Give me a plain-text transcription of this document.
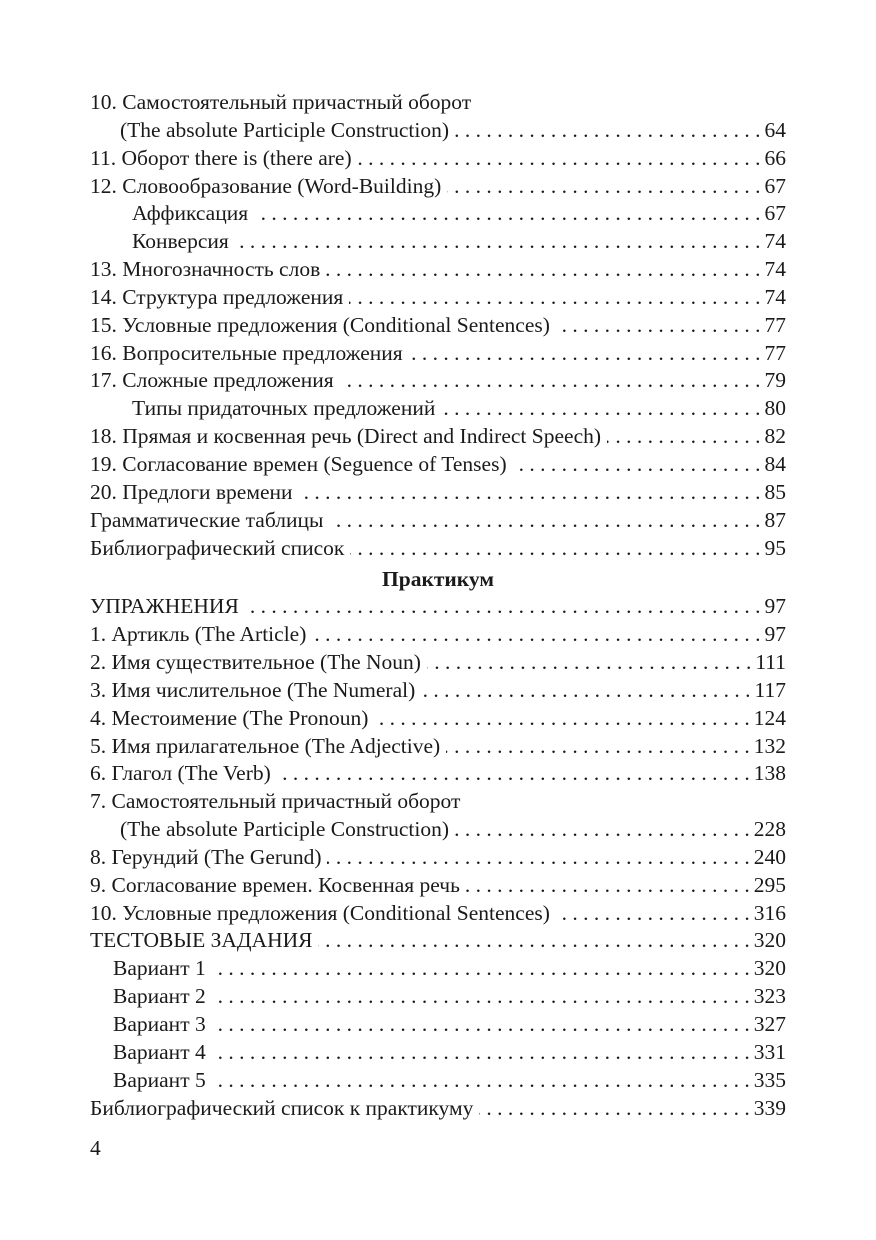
10. Самостоятельный причастный оборот
(The absolute Participle Construction) . . .	64
11. Оборот there is (there are) . . .	66
12. Словообразование (Word-Building) . . .	67
Аффиксация . . .	67
Конверсия . . .	74
13. Многозначность слов . . .	74
14. Структура предложения . . .	74
15. Условные предложения (Conditional Sentences) . . .	77
16. Вопросительные предложения . . .	77
17. Сложные предложения . . .	79
Типы придаточных предложений . . .	80
18. Прямая и косвенная речь (Direct and Indirect Speech) . . .	82
19. Согласование времен (Seguence of Tenses) . . .	84
20. Предлоги времени . . .	85
Грамматические таблицы . . .	87
Библиографический список . . .	95
Практикум
УПРАЖНЕНИЯ . . .	97
1. Артикль (The Article) . . .	97
2. Имя существительное (The Noun) . . .	111
3. Имя числительное (The Numeral) . . .	117
4. Местоимение (The Pronoun) . . .	124
5. Имя прилагательное (The Adjective) . . .	132
6. Глагол (The Verb) . . .	138
7. Самостоятельный причастный оборот
(The absolute Participle Construction) . . .	228
8. Герундий (The Gerund) . . .	240
9. Согласование времен. Косвенная речь . . .	295
10. Условные предложения (Conditional Sentences) . . .	316
ТЕСТОВЫЕ ЗАДАНИЯ . . .	320
Вариант 1 . . .	320
Вариант 2 . . .	323
Вариант 3 . . .	327
Вариант 4 . . .	331
Вариант 5 . . .	335
Библиографический список к практикуму . . .	339
4
